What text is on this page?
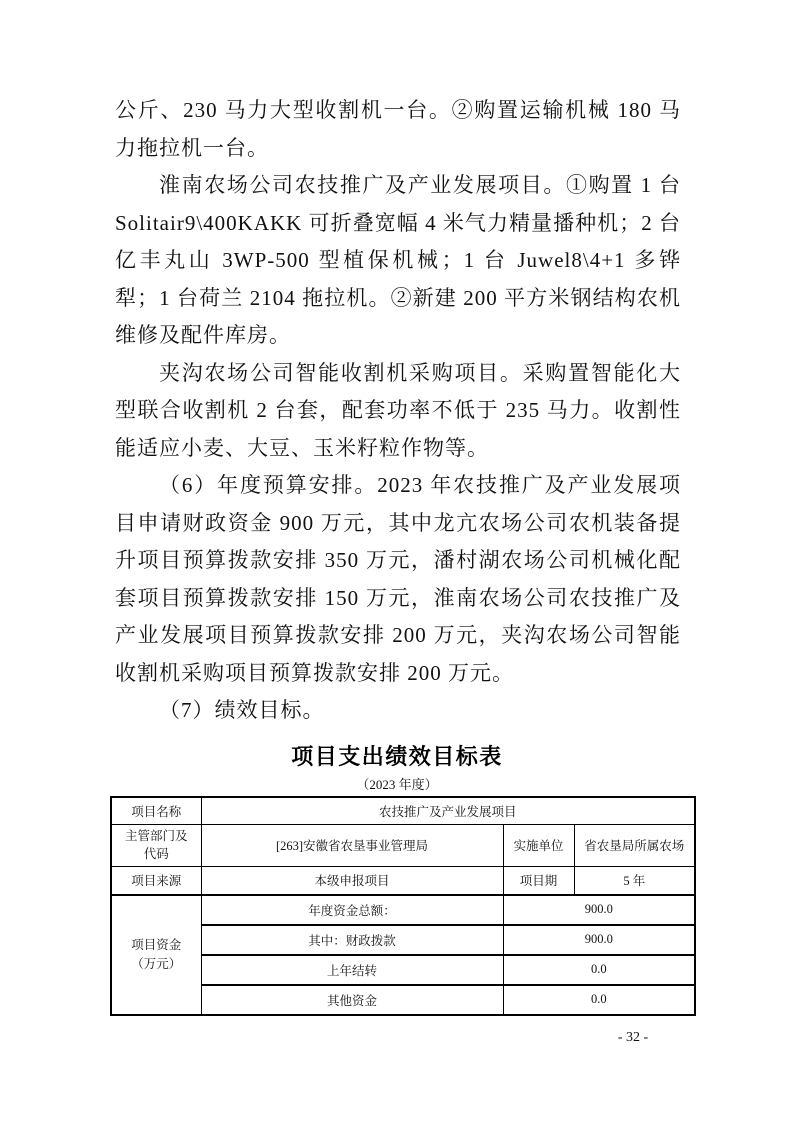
公斤、230 马力大型收割机一台。②购置运输机械 180 马力拖拉机一台。

淮南农场公司农技推广及产业发展项目。①购置 1 台 Solitair9\400KAKK 可折叠宽幅 4 米气力精量播种机；2 台亿丰丸山 3WP-500 型植保机械；1 台 Juwel8\4+1 多铧犁；1 台荷兰 2104 拖拉机。②新建 200 平方米钢结构农机维修及配件库房。

夹沟农场公司智能收割机采购项目。采购置智能化大型联合收割机 2 台套，配套功率不低于 235 马力。收割性能适应小麦、大豆、玉米籽粒作物等。

（6）年度预算安排。2023 年农技推广及产业发展项目申请财政资金 900 万元，其中龙亢农场公司农机装备提升项目预算拨款安排 350 万元，潘村湖农场公司机械化配套项目预算拨款安排 150 万元，淮南农场公司农技推广及产业发展项目预算拨款安排 200 万元，夹沟农场公司智能收割机采购项目预算拨款安排 200 万元。

（7）绩效目标。

项目支出绩效目标表
（2023 年度）
项目名称	农技推广及产业发展项目		
主管部门及代码	[263]安徽省农垦事业管理局	实施单位	省农垦局所属农场
项目来源	本级申报项目	项目期	5 年
项目资金（万元）	年度资金总额：	900.0	
	其中：财政拨款	900.0	
	上年结转	0.0	
	其他资金	0.0	
- 32 -
